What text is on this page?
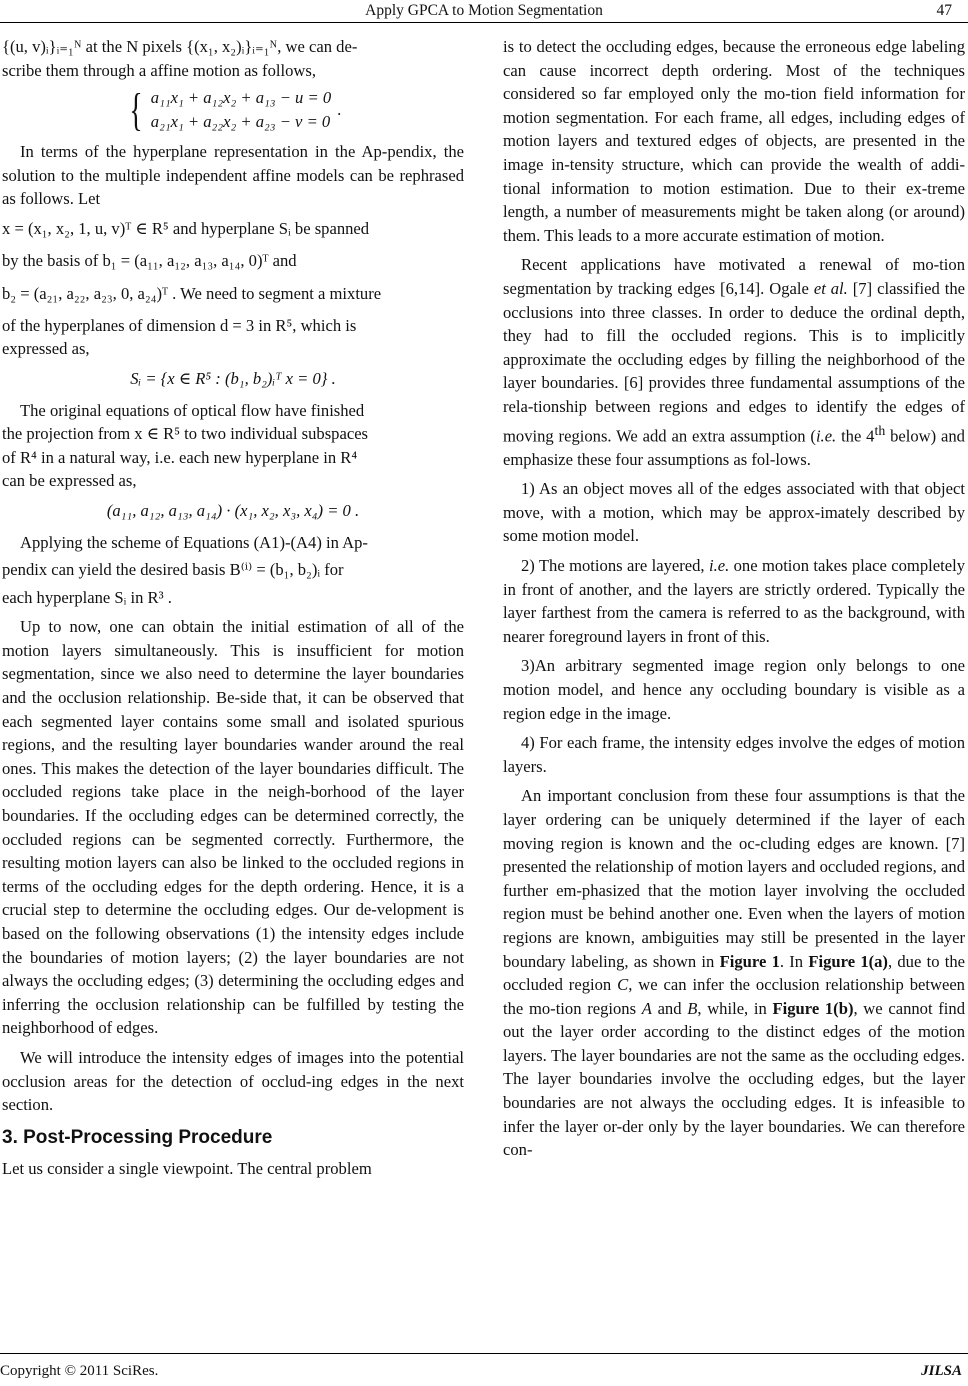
Apply GPCA to Motion Segmentation	47

{(u, v)ᵢ}ᵢ₌₁ᴺ at the N pixels {(x₁, x₂)ᵢ}ᵢ₌₁ᴺ, we can de-

scribe them through a affine motion as follows,

{ a₁₁x₁ + a₁₂x₂ + a₁₃ − u = 0
a₂₁x₁ + a₂₂x₂ + a₂₃ − v = 0
.

In terms of the hyperplane representation in the Ap-pendix, the solution to the multiple independent affine models can be rephrased as follows. Let

x = (x₁, x₂, 1, u, v)ᵀ ∈ R⁵ and hyperplane Sᵢ be spanned

by the basis of b₁ = (a₁₁, a₁₂, a₁₃, a₁₄, 0)ᵀ and

b₂ = (a₂₁, a₂₂, a₂₃, 0, a₂₄)ᵀ . We need to segment a mixture

of the hyperplanes of dimension d = 3 in R⁵, which is

expressed as,

Sᵢ = {x ∈ R⁵ : (b₁, b₂)ᵢᵀ x = 0} .

The original equations of optical flow have finished

the projection from x ∈ R⁵ to two individual subspaces

of R⁴ in a natural way, i.e. each new hyperplane in R⁴

can be expressed as,

(a₁₁, a₁₂, a₁₃, a₁₄) · (x₁, x₂, x₃, x₄) = 0 .

Applying the scheme of Equations (A1)-(A4) in Ap-

pendix can yield the desired basis B⁽ⁱ⁾ = (b₁, b₂)ᵢ for

each hyperplane Sᵢ in R³ .

Up to now, one can obtain the initial estimation of all of the motion layers simultaneously. This is insufficient for motion segmentation, since we also need to determine the layer boundaries and the occlusion relationship. Be-side that, it can be observed that each segmented layer contains some small and isolated spurious regions, and the resulting layer boundaries wander around the real ones. This makes the detection of the layer boundaries difficult. The occluded regions take place in the neigh-borhood of the layer boundaries. If the occluding edges can be determined correctly, the occluded regions can be segmented correctly. Furthermore, the resulting motion layers can also be linked to the occluded regions in terms of the occluding edges for the depth ordering. Hence, it is a crucial step to determine the occluding edges. Our de-velopment is based on the following observations (1) the intensity edges include the boundaries of motion layers; (2) the layer boundaries are not always the occluding edges; (3) determining the occluding edges and inferring the occlusion relationship can be fulfilled by testing the neighborhood of edges.

We will introduce the intensity edges of images into the potential occlusion areas for the detection of occlud-ing edges in the next section.

3. Post-Processing Procedure

Let us consider a single viewpoint. The central problem

is to detect the occluding edges, because the erroneous edge labeling can cause incorrect depth ordering. Most of the techniques considered so far employed only the mo-tion field information for motion segmentation. For each frame, all edges, including edges of motion layers and textured edges of objects, are presented in the image in-tensity structure, which can provide the wealth of addi-tional information to motion estimation. Due to their ex-treme length, a number of measurements might be taken along (or around) them. This leads to a more accurate estimation of motion.

Recent applications have motivated a renewal of mo-tion segmentation by tracking edges [6,14]. Ogale et al. [7] classified the occlusions into three classes. In order to deduce the ordinal depth, they had to fill the occluded regions. This is to implicitly approximate the occluding edges by filling the neighborhood of the layer boundaries. [6] provides three fundamental assumptions of the rela-tionship between regions and edges to identify the edges of moving regions. We add an extra assumption (i.e. the 4th below) and emphasize these four assumptions as fol-lows.

1) As an object moves all of the edges associated with that object move, with a motion, which may be approx-imately described by some motion model.

2) The motions are layered, i.e. one motion takes place completely in front of another, and the layers are strictly ordered. Typically the layer farthest from the camera is referred to as the background, with nearer foreground layers in front of this.

3)An arbitrary segmented image region only belongs to one motion model, and hence any occluding boundary is visible as a region edge in the image.

4) For each frame, the intensity edges involve the edges of motion layers.

An important conclusion from these four assumptions is that the layer ordering can be uniquely determined if the layer of each moving region is known and the oc-cluding edges are known. [7] presented the relationship of motion layers and occluded regions, and further em-phasized that the motion layer involving the occluded region must be behind another one. Even when the layers of motion regions are known, ambiguities may still be presented in the layer boundary labeling, as shown in Figure 1. In Figure 1(a), due to the occluded region C, we can infer the occlusion relationship between the mo-tion regions A and B, while, in Figure 1(b), we cannot find out the layer order according to the distinct edges of the motion layers. The layer boundaries are not the same as the occluding edges. The layer boundaries involve the occluding edges, but the layer boundaries are not always the occluding edges. It is infeasible to infer the layer or-der only by the layer boundaries. We can therefore con-

Copyright © 2011 SciRes.	JILSA
